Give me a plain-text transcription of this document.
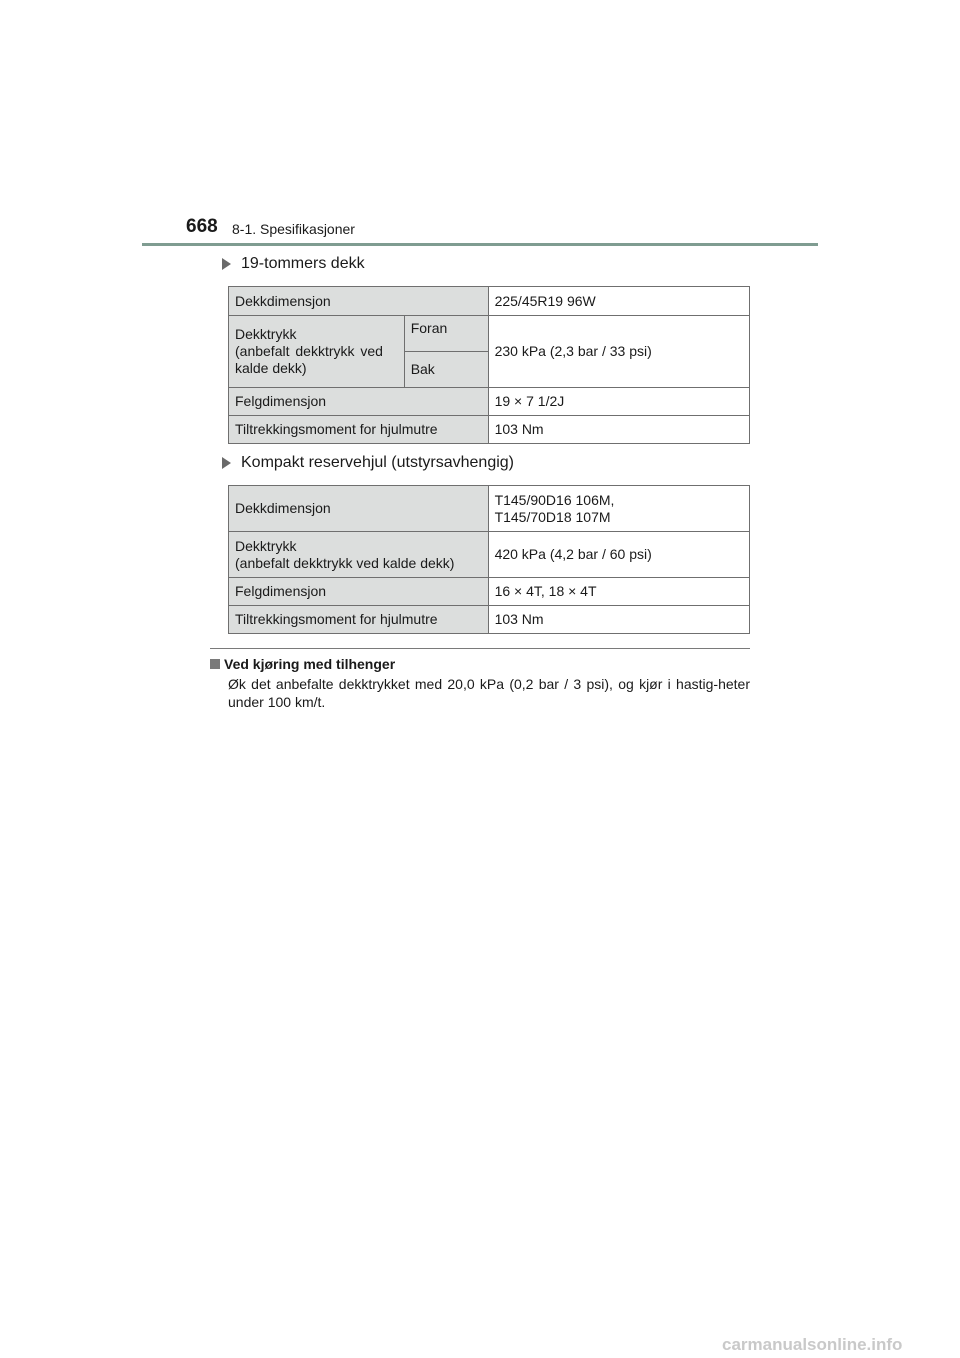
668 8-1. Spesifikasjoner
19-tommers dekk
Dekkdimensjon		225/45R19 96W

Dekktrykk
(anbefalt dekktrykk ved
kalde dekk)	Foran	230 kPa (2,3 bar / 33 psi)
	Bak	
Felgdimensjon		19 × 7 1/2J
Tiltrekkingsmoment for hjulmutre		103 Nm
Kompakt reservehjul (utstyrsavhengig)
Dekkdimensjon	T145/90D16 106M,
T145/70D18 107M

Dekktrykk
(anbefalt dekktrykk ved kalde dekk)	420 kPa (4,2 bar / 60 psi)
Felgdimensjon	16 × 4T, 18 × 4T
Tiltrekkingsmoment for hjulmutre	103 Nm
Ved kjøring med tilhenger
Øk det anbefalte dekktrykket med 20,0 kPa (0,2 bar / 3 psi), og kjør i hastig-heter under 100 km/t.
carmanualsonline.info
